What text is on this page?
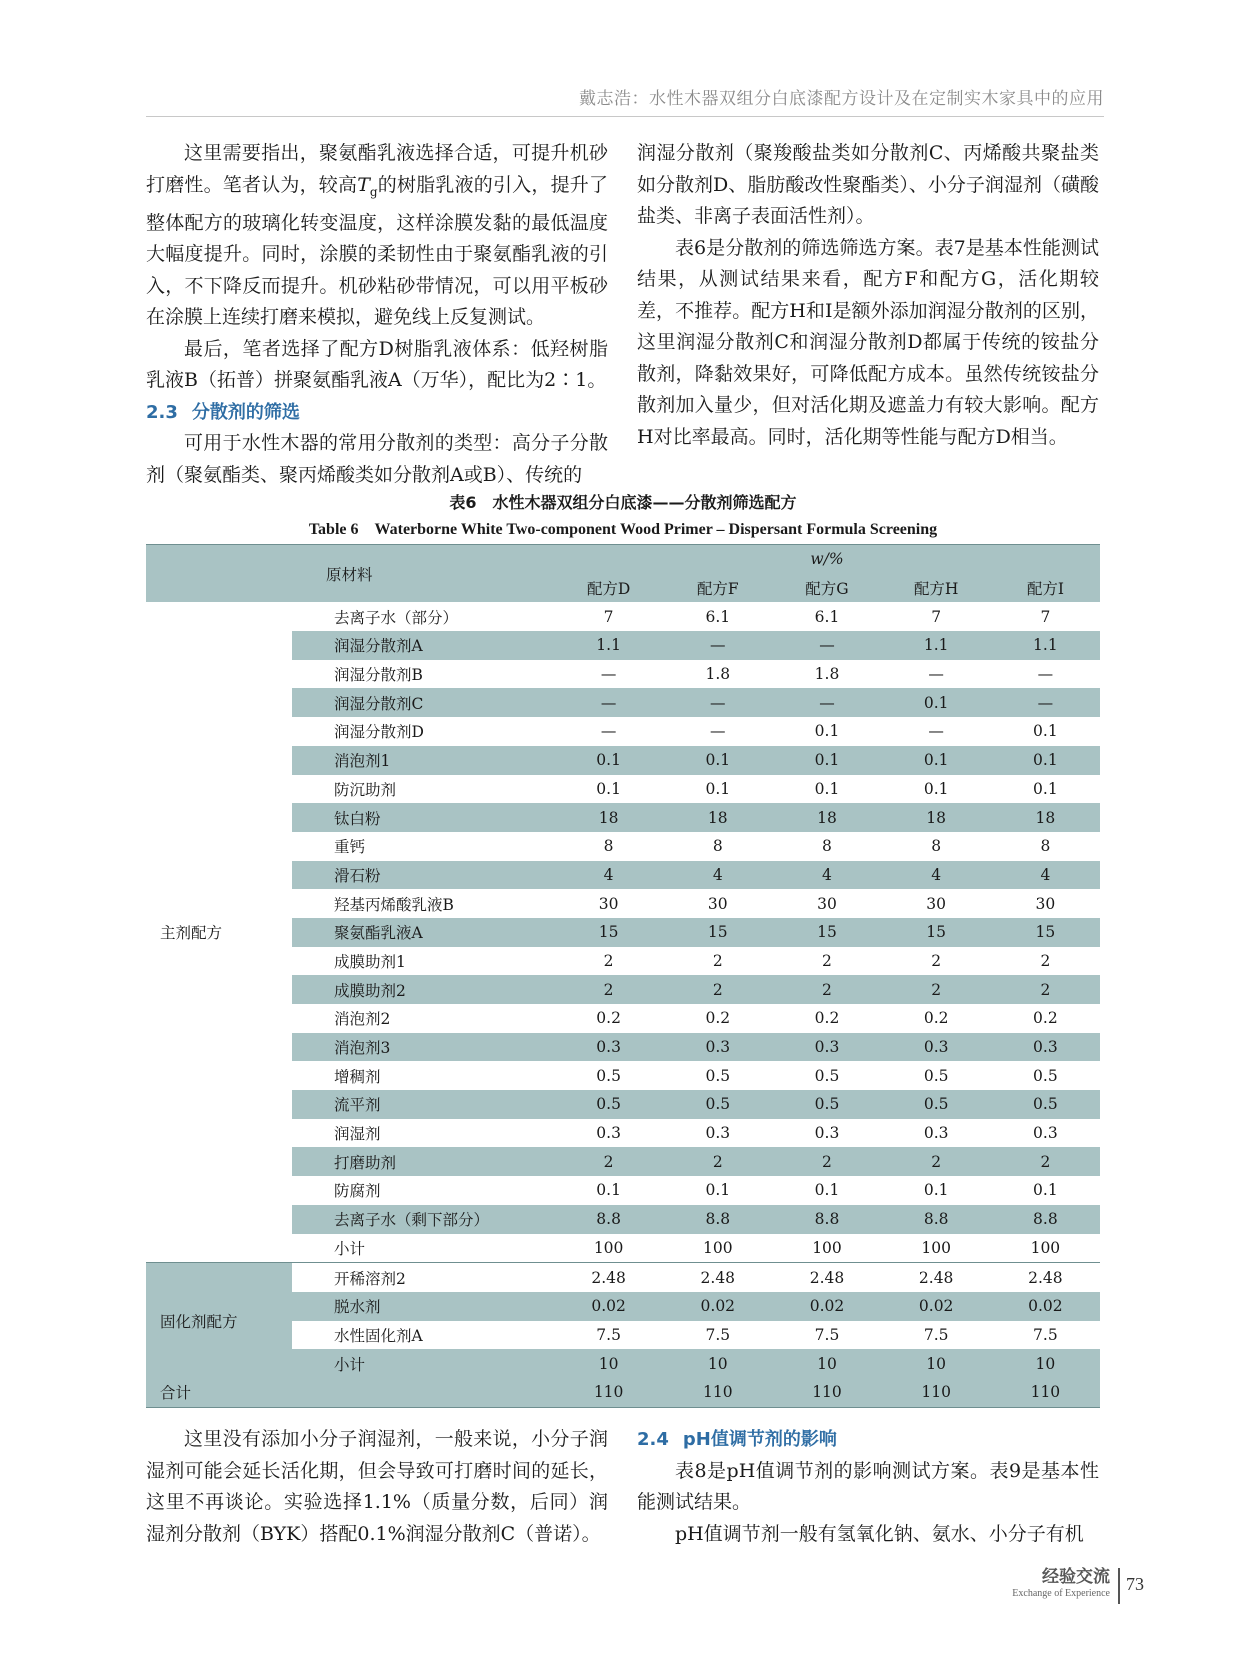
戴志浩：水性木器双组分白底漆配方设计及在定制实木家具中的应用

这里需要指出，聚氨酯乳液选择合适，可提升机砂打磨性。笔者认为，较高$T_g$的树脂乳液的引入，提升了整体配方的玻璃化转变温度，这样涂膜发黏的最低温度大幅度提升。同时，涂膜的柔韧性由于聚氨酯乳液的引入，不下降反而提升。机砂粘砂带情况，可以用平板砂在涂膜上连续打磨来模拟，避免线上反复测试。

最后，笔者选择了配方D树脂乳液体系：低羟树脂乳液B（拓普）拼聚氨酯乳液A（万华），配比为2∶1。

2.3 分散剂的筛选

可用于水性木器的常用分散剂的类型：高分子分散剂（聚氨酯类、聚丙烯酸类如分散剂A或B）、传统的

润湿分散剂（聚羧酸盐类如分散剂C、丙烯酸共聚盐类如分散剂D、脂肪酸改性聚酯类）、小分子润湿剂（磺酸盐类、非离子表面活性剂）。

表6是分散剂的筛选筛选方案。表7是基本性能测试结果，从测试结果来看，配方F和配方G，活化期较差，不推荐。配方H和I是额外添加润湿分散剂的区别，这里润湿分散剂C和润湿分散剂D都属于传统的铵盐分散剂，降黏效果好，可降低配方成本。虽然传统铵盐分散剂加入量少，但对活化期及遮盖力有较大影响。配方H对比率最高。同时，活化期等性能与配方D相当。

表6　水性木器双组分白底漆——分散剂筛选配方
Table 6　Waterborne White Two-component Wood Primer – Dispersant Formula Screening
原材料		w/%				
		配方D	配方F	配方G	配方H	配方I
主剂配方	去离子水（部分）	7	6.1	6.1	7	7
	润湿分散剂A	1.1	—	—	1.1	1.1
	润湿分散剂B	—	1.8	1.8	—	—
	润湿分散剂C	—	—	—	0.1	—
	润湿分散剂D	—	—	0.1	—	0.1
	消泡剂1	0.1	0.1	0.1	0.1	0.1
	防沉助剂	0.1	0.1	0.1	0.1	0.1
	钛白粉	18	18	18	18	18
	重钙	8	8	8	8	8
	滑石粉	4	4	4	4	4
	羟基丙烯酸乳液B	30	30	30	30	30
	聚氨酯乳液A	15	15	15	15	15
	成膜助剂1	2	2	2	2	2
	成膜助剂2	2	2	2	2	2
	消泡剂2	0.2	0.2	0.2	0.2	0.2
	消泡剂3	0.3	0.3	0.3	0.3	0.3
	增稠剂	0.5	0.5	0.5	0.5	0.5
	流平剂	0.5	0.5	0.5	0.5	0.5
	润湿剂	0.3	0.3	0.3	0.3	0.3
	打磨助剂	2	2	2	2	2
	防腐剂	0.1	0.1	0.1	0.1	0.1
	去离子水（剩下部分）	8.8	8.8	8.8	8.8	8.8
	小计	100	100	100	100	100
固化剂配方	开稀溶剂2	2.48	2.48	2.48	2.48	2.48
	脱水剂	0.02	0.02	0.02	0.02	0.02
	水性固化剂A	7.5	7.5	7.5	7.5	7.5
	小计	10	10	10	10	10
合计		110	110	110	110	110

这里没有添加小分子润湿剂，一般来说，小分子润湿剂可能会延长活化期，但会导致可打磨时间的延长，这里不再谈论。实验选择1.1%（质量分数，后同）润湿剂分散剂（BYK）搭配0.1%润湿分散剂C（普诺）。

2.4 pH值调节剂的影响

表8是pH值调节剂的影响测试方案。表9是基本性能测试结果。

pH值调节剂一般有氢氧化钠、氨水、小分子有机

经验交流
Exchange of Experience 73
